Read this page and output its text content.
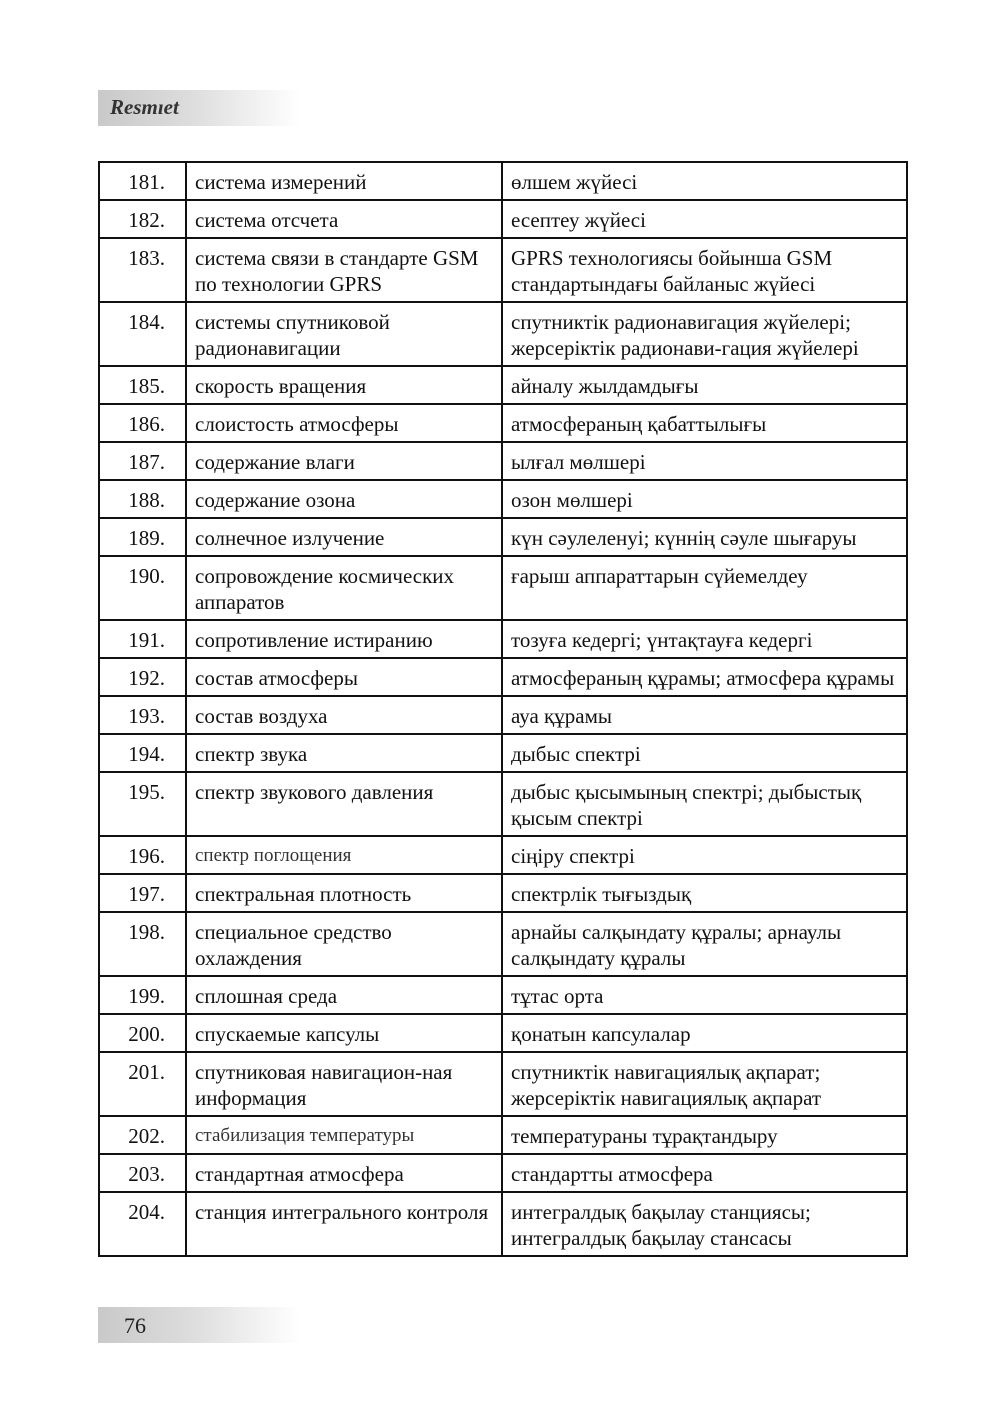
Resmıet
181.	система измерений	өлшем жүйесі
182.	система отсчета	есептеу жүйесі
183.	система связи в стандарте GSM по технологии GPRS	GPRS технологиясы бойынша GSM стандартындағы байланыс жүйесі
184.	системы спутниковой радионавигации	спутниктік радионавигация жүйелері; жерсеріктік радионави-гация жүйелері
185.	скорость вращения	айналу жылдамдығы
186.	слоистость атмосферы	атмосфераның қабаттылығы
187.	содержание влаги	ылғал мөлшері
188.	содержание озона	озон мөлшері
189.	солнечное излучение	күн сәулеленуі; күннің сәуле шығаруы
190.	сопровождение космических аппаратов	ғарыш аппараттарын сүйемелдеу
191.	сопротивление истиранию	тозуға кедергі; үнтақтауға кедергі
192.	состав атмосферы	атмосфераның құрамы; атмосфера құрамы
193.	состав воздуха	ауа құрамы
194.	спектр звука	дыбыс спектрі
195.	спектр звукового давления	дыбыс қысымының спектрі; дыбыстық қысым спектрі
196.	спектр поглощения	сіңіру спектрі
197.	спектральная плотность	спектрлік тығыздық
198.	специальное средство охлаждения	арнайы салқындату құралы; арнаулы салқындату құралы
199.	сплошная среда	тұтас орта
200.	спускаемые капсулы	қонатын капсулалар
201.	спутниковая навигацион-ная информация	спутниктік навигациялық ақпарат; жерсеріктік навигациялық ақпарат
202.	стабилизация температуры	температураны тұрақтандыру
203.	стандартная атмосфера	стандартты атмосфера
204.	станция интегрального контроля	интегралдық бақылау станциясы; интегралдық бақылау стансасы
76
